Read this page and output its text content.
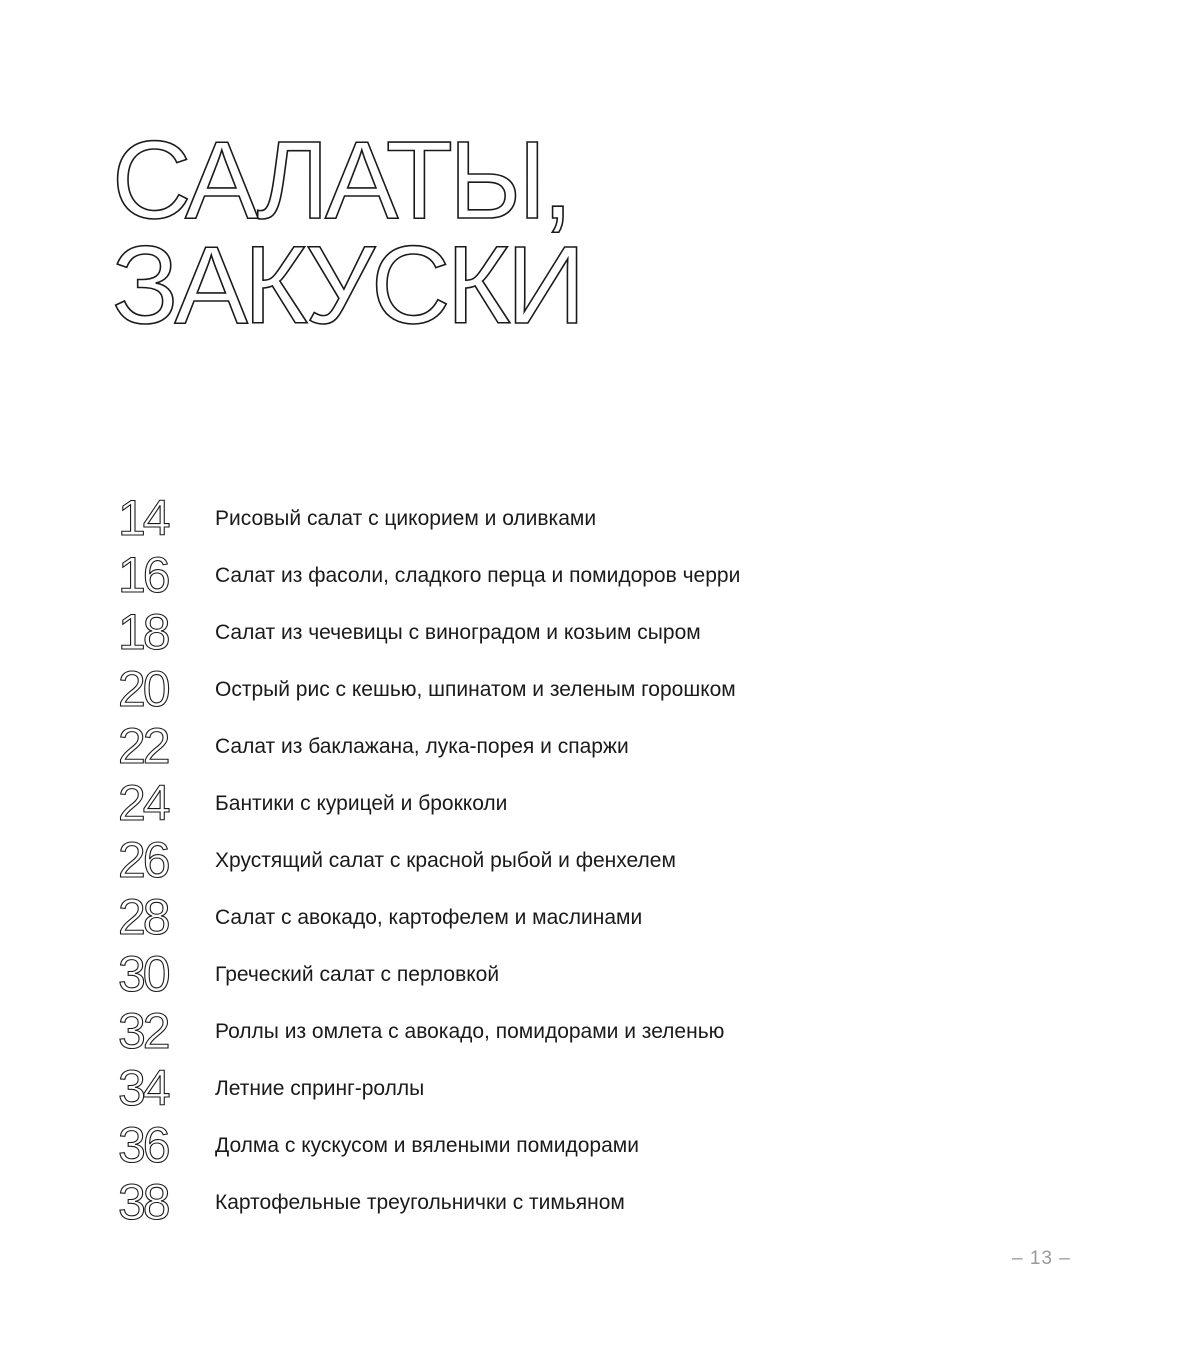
САЛАТЫ,
ЗАКУСКИ
14	Рисовый салат с цикорием и оливками
16	Салат из фасоли, сладкого перца и помидоров черри
18	Салат из чечевицы с виноградом и козьим сыром
20	Острый рис с кешью, шпинатом и зеленым горошком
22	Салат из баклажана, лука-порея и спаржи
24	Бантики с курицей и брокколи
26	Хрустящий салат с красной рыбой и фенхелем
28	Салат с авокадо, картофелем и маслинами
30	Греческий салат с перловкой
32	Роллы из омлета с авокадо, помидорами и зеленью
34	Летние спринг-роллы
36	Долма с кускусом и вялеными помидорами
38	Картофельные треугольнички с тимьяном
– 13 –
